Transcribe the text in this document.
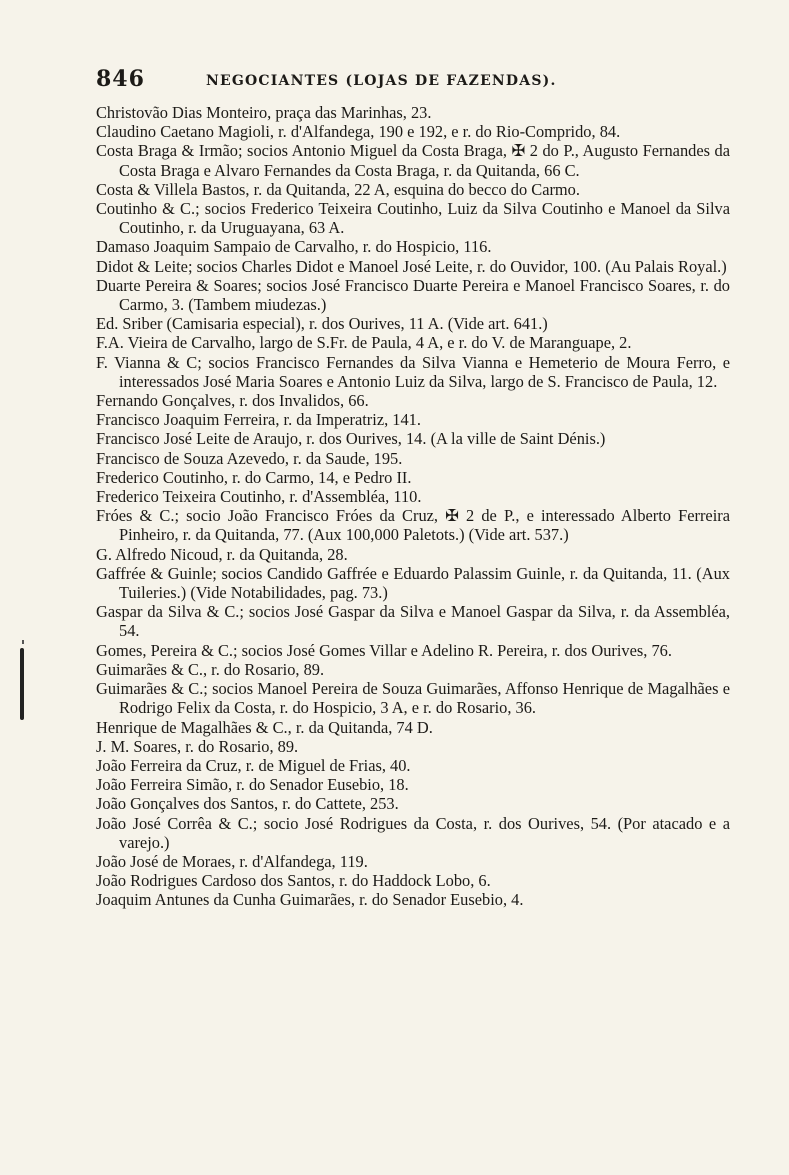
846	NEGOCIANTES (LOJAS DE FAZENDAS).

Christovão Dias Monteiro, praça das Marinhas, 23.

Claudino Caetano Magioli, r. d'Alfandega, 190 e 192, e r. do Rio-Comprido, 84.

Costa Braga & Irmão; socios Antonio Miguel da Costa Braga, ✠ 2 do P., Augusto Fernandes da Costa Braga e Alvaro Fernandes da Costa Braga, r. da Quitanda, 66 C.

Costa & Villela Bastos, r. da Quitanda, 22 A, esquina do becco do Carmo.

Coutinho & C.; socios Frederico Teixeira Coutinho, Luiz da Silva Coutinho e Manoel da Silva Coutinho, r. da Uruguayana, 63 A.

Damaso Joaquim Sampaio de Carvalho, r. do Hospicio, 116.

Didot & Leite; socios Charles Didot e Manoel José Leite, r. do Ouvidor, 100. (Au Palais Royal.)

Duarte Pereira & Soares; socios José Francisco Duarte Pereira e Manoel Francisco Soares, r. do Carmo, 3. (Tambem miudezas.)

Ed. Sriber (Camisaria especial), r. dos Ourives, 11 A. (Vide art. 641.)

F.A. Vieira de Carvalho, largo de S.Fr. de Paula, 4 A, e r. do V. de Maranguape, 2.

F. Vianna & C; socios Francisco Fernandes da Silva Vianna e Hemeterio de Moura Ferro, e interessados José Maria Soares e Antonio Luiz da Silva, largo de S. Francisco de Paula, 12.

Fernando Gonçalves, r. dos Invalidos, 66.

Francisco Joaquim Ferreira, r. da Imperatriz, 141.

Francisco José Leite de Araujo, r. dos Ourives, 14. (A la ville de Saint Dénis.)

Francisco de Souza Azevedo, r. da Saude, 195.

Frederico Coutinho, r. do Carmo, 14, e Pedro II.

Frederico Teixeira Coutinho, r. d'Assembléa, 110.

Fróes & C.; socio João Francisco Fróes da Cruz, ✠ 2 de P., e interessado Alberto Ferreira Pinheiro, r. da Quitanda, 77. (Aux 100,000 Paletots.) (Vide art. 537.)

G. Alfredo Nicoud, r. da Quitanda, 28.

Gaffrée & Guinle; socios Candido Gaffrée e Eduardo Palassim Guinle, r. da Quitanda, 11. (Aux Tuileries.) (Vide Notabilidades, pag. 73.)

Gaspar da Silva & C.; socios José Gaspar da Silva e Manoel Gaspar da Silva, r. da Assembléa, 54.

Gomes, Pereira & C.; socios José Gomes Villar e Adelino R. Pereira, r. dos Ourives, 76.

Guimarães & C., r. do Rosario, 89.

Guimarães & C.; socios Manoel Pereira de Souza Guimarães, Affonso Henrique de Magalhães e Rodrigo Felix da Costa, r. do Hospicio, 3 A, e r. do Rosario, 36.

Henrique de Magalhães & C., r. da Quitanda, 74 D.

J. M. Soares, r. do Rosario, 89.

João Ferreira da Cruz, r. de Miguel de Frias, 40.

João Ferreira Simão, r. do Senador Eusebio, 18.

João Gonçalves dos Santos, r. do Cattete, 253.

João José Corrêa & C.; socio José Rodrigues da Costa, r. dos Ourives, 54. (Por atacado e a varejo.)

João José de Moraes, r. d'Alfandega, 119.

João Rodrigues Cardoso dos Santos, r. do Haddock Lobo, 6.

Joaquim Antunes da Cunha Guimarães, r. do Senador Eusebio, 4.
